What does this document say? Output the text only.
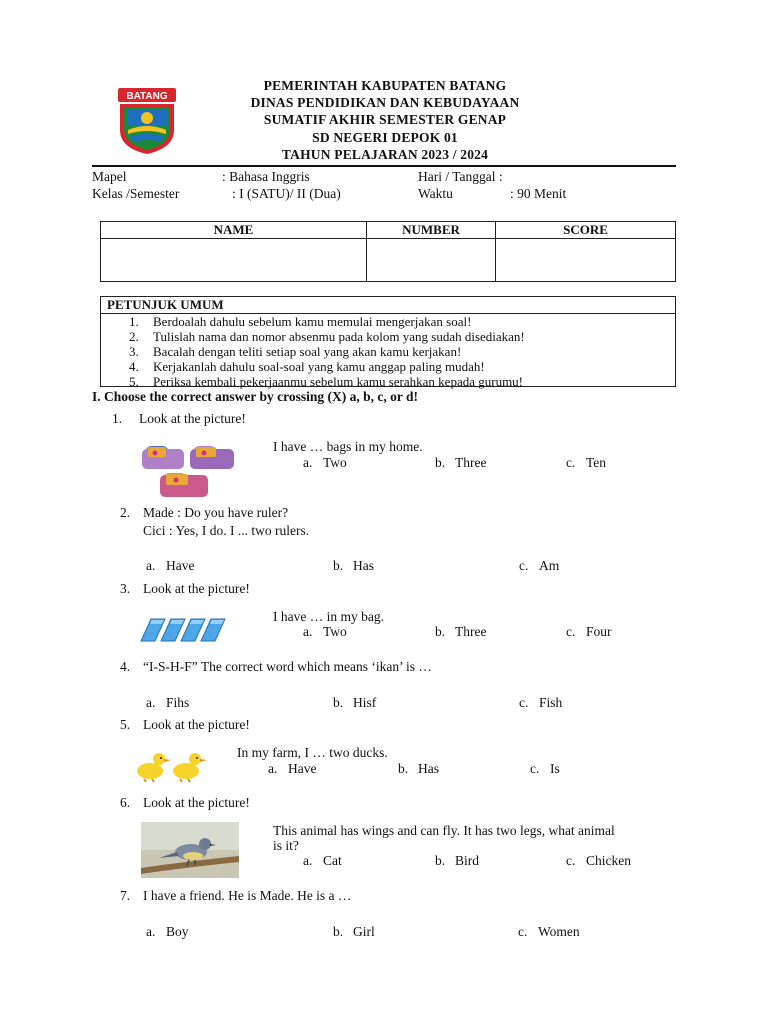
BATANG
PEMERINTAH KABUPATEN BATANG
DINAS PENDIDIKAN DAN KEBUDAYAAN
SUMATIF AKHIR SEMESTER GENAP
SD NEGERI DEPOK 01
TAHUN PELAJARAN 2023 / 2024
Mapel	: Bahasa Inggris	Hari / Tanggal :
Kelas /Semester	: I (SATU)/ II (Dua)	Waktu	: 90 Menit
NAME	NUMBER	SCORE

PETUNJUK UMUM
1. Berdoalah dahulu sebelum kamu memulai mengerjakan soal!
2. Tulislah nama dan nomor absenmu pada kolom yang sudah disediakan!
3. Bacalah dengan teliti setiap soal yang akan kamu kerjakan!
4. Kerjakanlah dahulu soal-soal yang kamu anggap paling mudah!
5. Periksa kembali pekerjaanmu sebelum kamu serahkan kepada gurumu!
I. Choose the correct answer by crossing (X) a, b, c, or d!
1. Look at the picture!
I have … bags in my home.
a. Two	b. Three	c. Ten
2. Made : Do you have ruler?
Cici : Yes, I do. I ... two rulers.
a. Have	b. Has	c. Am
3. Look at the picture!
I have … in my bag.
a. Two	b. Three	c. Four
4. “I-S-H-F” The correct word which means ‘ikan’ is …
a. Fihs	b. Hisf	c. Fish
5. Look at the picture!
In my farm, I … two ducks.
a. Have	b. Has	c. Is
6. Look at the picture!
This animal has wings and can fly. It has two legs, what animal
is it?
a. Cat	b. Bird	c. Chicken
7. I have a friend. He is Made. He is a …
a. Boy	b. Girl	c. Women
